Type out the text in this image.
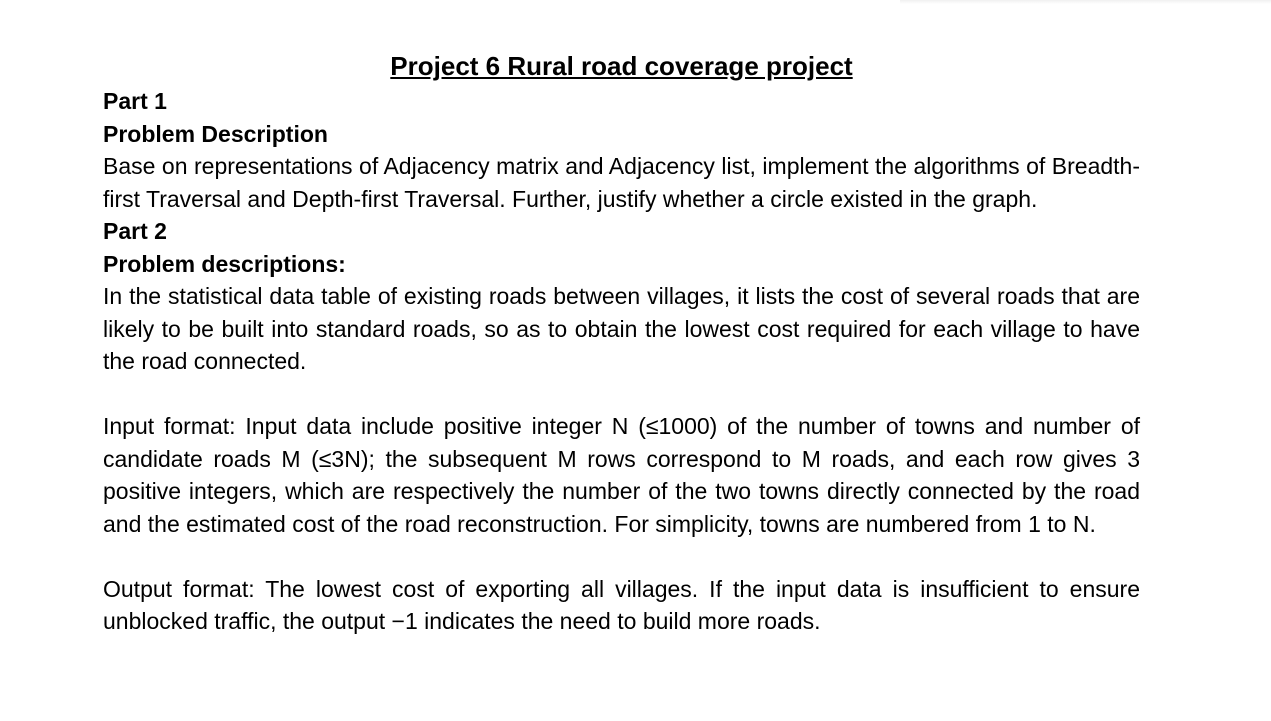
Project 6 Rural road coverage project

Part 1

Problem Description

Base on representations of Adjacency matrix and Adjacency list, implement the algorithms of Breadth-first Traversal and Depth-first Traversal. Further, justify whether a circle existed in the graph.

Part 2

Problem descriptions:

In the statistical data table of existing roads between villages, it lists the cost of several roads that are likely to be built into standard roads, so as to obtain the lowest cost required for each village to have the road connected.

Input format: Input data include positive integer N (≤1000) of the number of towns and number of candidate roads M (≤3N); the subsequent M rows correspond to M roads, and each row gives 3 positive integers, which are respectively the number of the two towns directly connected by the road and the estimated cost of the road reconstruction. For simplicity, towns are numbered from 1 to N.

Output format: The lowest cost of exporting all villages. If the input data is insufficient to ensure unblocked traffic, the output −1 indicates the need to build more roads.
